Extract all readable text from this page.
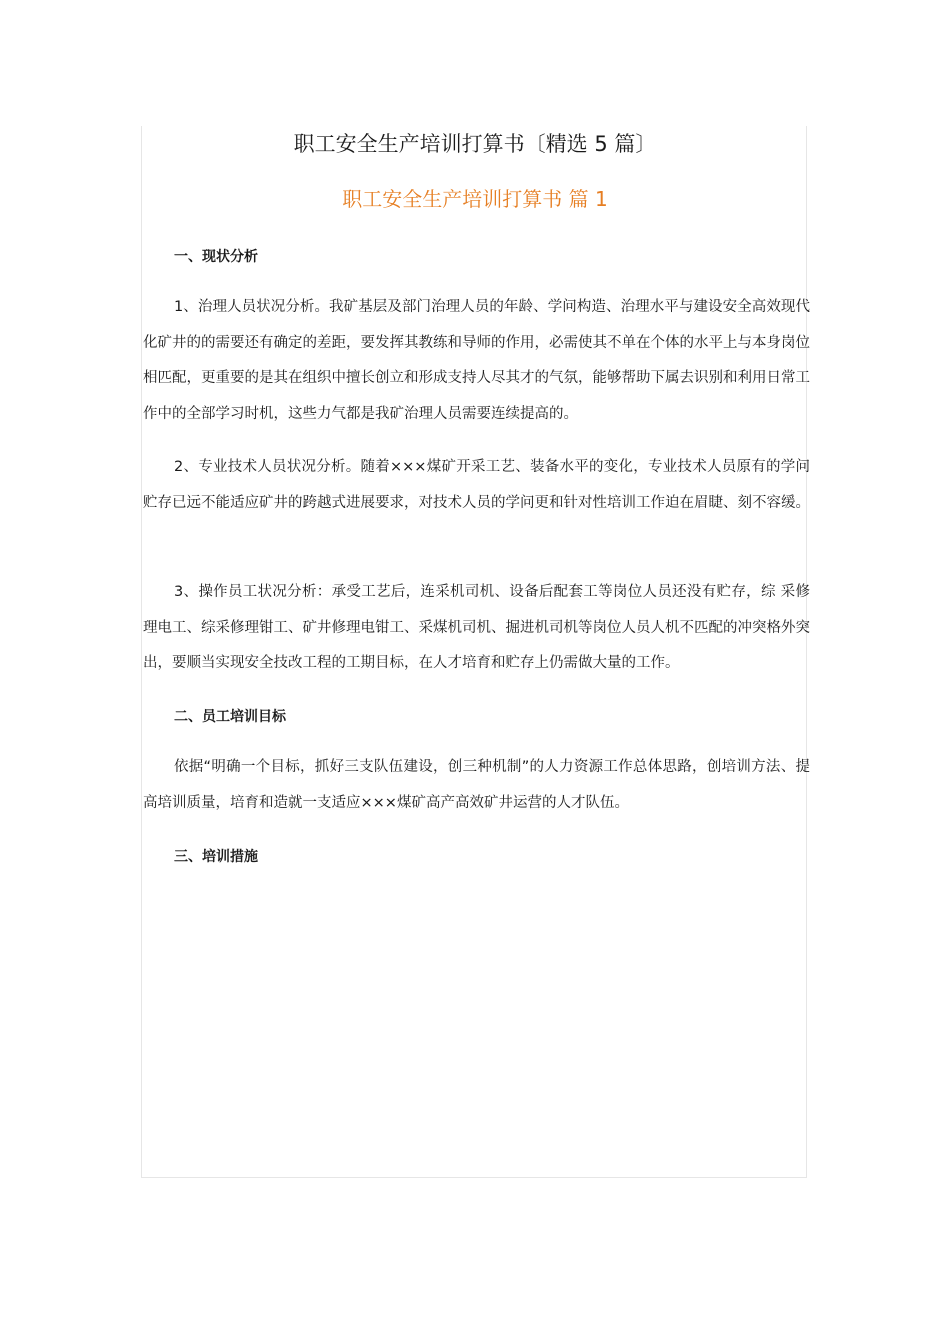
职工安全生产培训打算书〔精选 5 篇〕
职工安全生产培训打算书 篇 1
一、现状分析

1、治理人员状况分析。我矿基层及部门治理人员的年龄、学问构造、治理水平与建设安全高效现代化矿井的的需要还有确定的差距，要发挥其教练和导师的作用，必需使其不单在个体的水平上与本身岗位相匹配，更重要的是其在组织中擅长创立和形成支持人尽其才的气氛，能够帮助下属去识别和利用日常工作中的全部学习时机，这些力气都是我矿治理人员需要连续提高的。

2、专业技术人员状况分析。随着×××煤矿开采工艺、装备水平的变化，专业技术人员原有的学问贮存已远不能适应矿井的跨越式进展要求，对技术人员的学问更和针对性培训工作迫在眉睫、刻不容缓。

3、操作员工状况分析：承受工艺后，连采机司机、设备后配套工等岗位人员还没有贮存，综 采修理电工、综采修理钳工、矿井修理电钳工、采煤机司机、掘进机司机等岗位人员人机不匹配的冲突格外突出，要顺当实现安全技改工程的工期目标，在人才培育和贮存上仍需做大量的工作。

二、员工培训目标

依据“明确一个目标，抓好三支队伍建设，创三种机制”的人力资源工作总体思路，创培训方法、提高培训质量，培育和造就一支适应×××煤矿高产高效矿井运营的人才队伍。

三、培训措施
